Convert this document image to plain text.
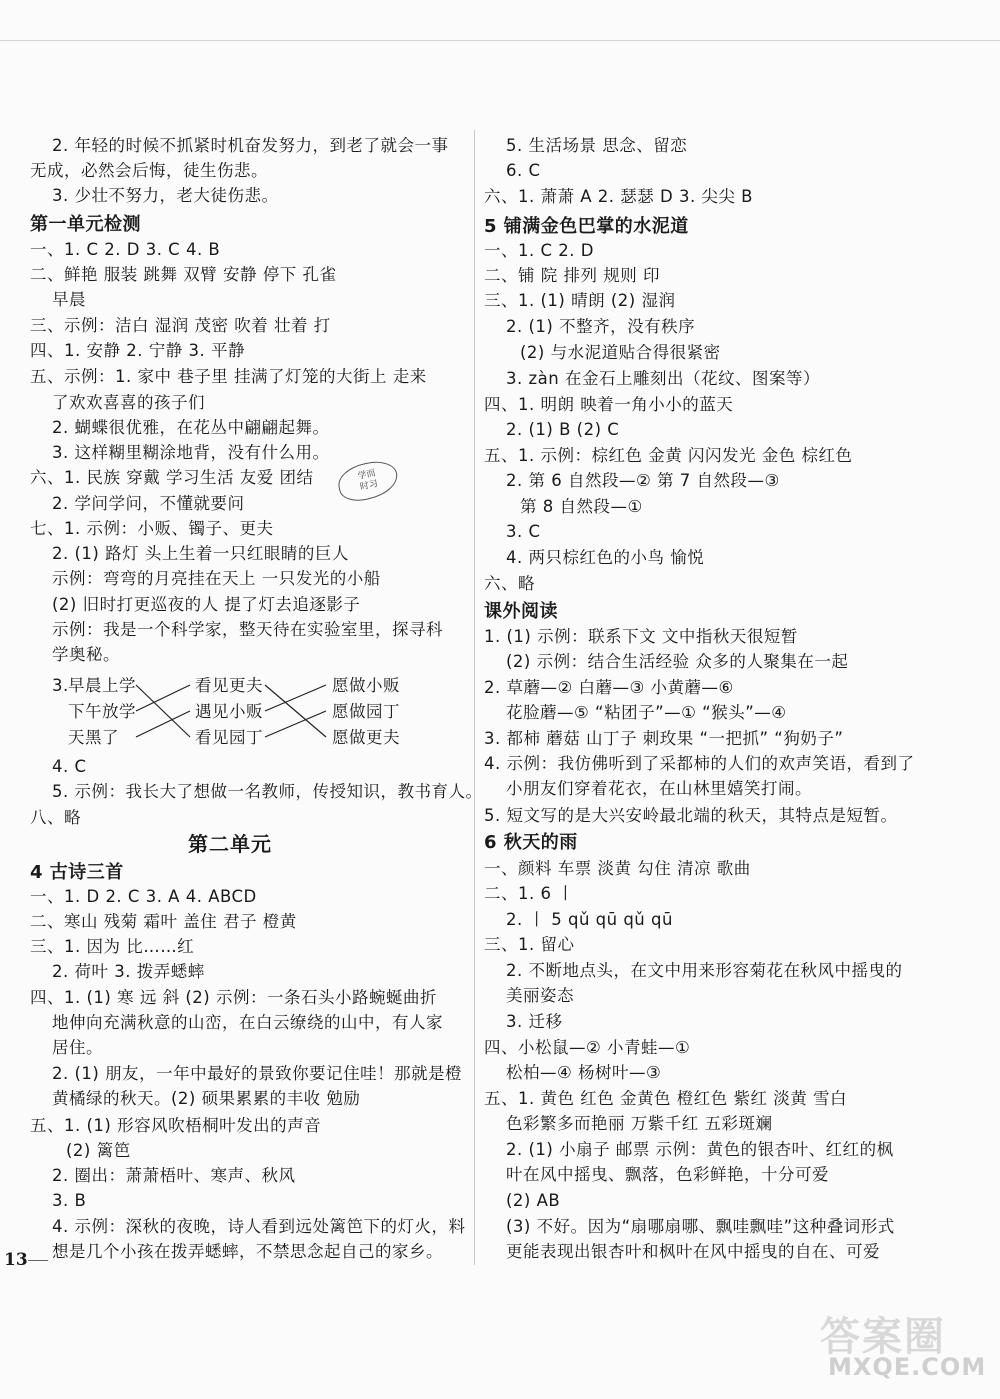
2. 年轻的时候不抓紧时机奋发努力，到老了就会一事
无成，必然会后悔，徒生伤悲。
3. 少壮不努力，老大徒伤悲。
第一单元检测
一、1. C 2. D 3. C 4. B
二、鲜艳 服装 跳舞 双臂 安静 停下 孔雀
早晨
三、示例：洁白 湿润 茂密 吹着 壮着 打
四、1. 安静 2. 宁静 3. 平静
五、示例：1. 家中 巷子里 挂满了灯笼的大街上 走来
了欢欢喜喜的孩子们
2. 蝴蝶很优雅，在花丛中翩翩起舞。
3. 这样糊里糊涂地背，没有什么用。
六、1. 民族 穿戴 学习生活 友爱 团结
2. 学问学问，不懂就要问
七、1. 示例：小贩、镯子、更夫
2. (1) 路灯 头上生着一只红眼睛的巨人
示例：弯弯的月亮挂在天上 一只发光的小船
(2) 旧时打更巡夜的人 提了灯去追逐影子
示例：我是一个科学家，整天待在实验室里，探寻科
学奥秘。
学而
时习
3. 早晨上学
下午放学
天黑了
看见更夫
遇见小贩
看见园丁
愿做小贩
愿做园丁
愿做更夫
4. C
5. 示例：我长大了想做一名教师，传授知识，教书育人。
八、略
第二单元
4 古诗三首
一、1. D 2. C 3. A 4. ABCD
二、寒山 残菊 霜叶 盖住 君子 橙黄
三、1. 因为 比……红
2. 荷叶 3. 拨弄蟋蟀
四、1. (1) 寒 远 斜 (2) 示例：一条石头小路蜿蜒曲折
地伸向充满秋意的山峦，在白云缭绕的山中，有人家
居住。
2. (1) 朋友，一年中最好的景致你要记住哇！那就是橙
黄橘绿的秋天。(2) 硕果累累的丰收 勉励
五、1. (1) 形容风吹梧桐叶发出的声音
(2) 篱笆
2. 圈出：萧萧梧叶、寒声、秋风
3. B
4. 示例：深秋的夜晚，诗人看到远处篱笆下的灯火，料
想是几个小孩在拨弄蟋蟀，不禁思念起自己的家乡。
5. 生活场景 思念、留恋
6. C
六、1. 萧萧 A 2. 瑟瑟 D 3. 尖尖 B
5 铺满金色巴掌的水泥道
一、1. C 2. D
二、铺 院 排列 规则 印
三、1. (1) 晴朗 (2) 湿润
2. (1) 不整齐，没有秩序
(2) 与水泥道贴合得很紧密
3. zàn 在金石上雕刻出（花纹、图案等）
四、1. 明朗 映着一角小小的蓝天
2. (1) B (2) C
五、1. 示例：棕红色 金黄 闪闪发光 金色 棕红色
2. 第 6 自然段—② 第 7 自然段—③
第 8 自然段—①
3. C
4. 两只棕红色的小鸟 愉悦
六、略
课外阅读
1. (1) 示例：联系下文 文中指秋天很短暂
(2) 示例：结合生活经验 众多的人聚集在一起
2. 草蘑—② 白蘑—③ 小黄蘑—⑥
花脸蘑—⑤ “粘团子”—① “猴头”—④
3. 都柿 蘑菇 山丁子 刺玫果 “一把抓” “狗奶子”
4. 示例：我仿佛听到了采都柿的人们的欢声笑语，看到了
小朋友们穿着花衣，在山林里嬉笑打闹。
5. 短文写的是大兴安岭最北端的秋天，其特点是短暂。
6 秋天的雨
一、颜料 车票 淡黄 勾住 清凉 歌曲
二、1. 6 丨
2. 丨 5 qǔ qū qǔ qū
三、1. 留心
2. 不断地点头，在文中用来形容菊花在秋风中摇曳的
美丽姿态
3. 迁移
四、小松鼠—② 小青蛙—①
松柏—④ 杨树叶—③
五、1. 黄色 红色 金黄色 橙红色 紫红 淡黄 雪白
色彩繁多而艳丽 万紫千红 五彩斑斓
2. (1) 小扇子 邮票 示例：黄色的银杏叶、红红的枫
叶在风中摇曳、飘落，色彩鲜艳，十分可爱
(2) AB
(3) 不好。因为“扇哪扇哪、飘哇飘哇”这种叠词形式
更能表现出银杏叶和枫叶在风中摇曳的自在、可爱
13
答案圈
MXQE.COM
